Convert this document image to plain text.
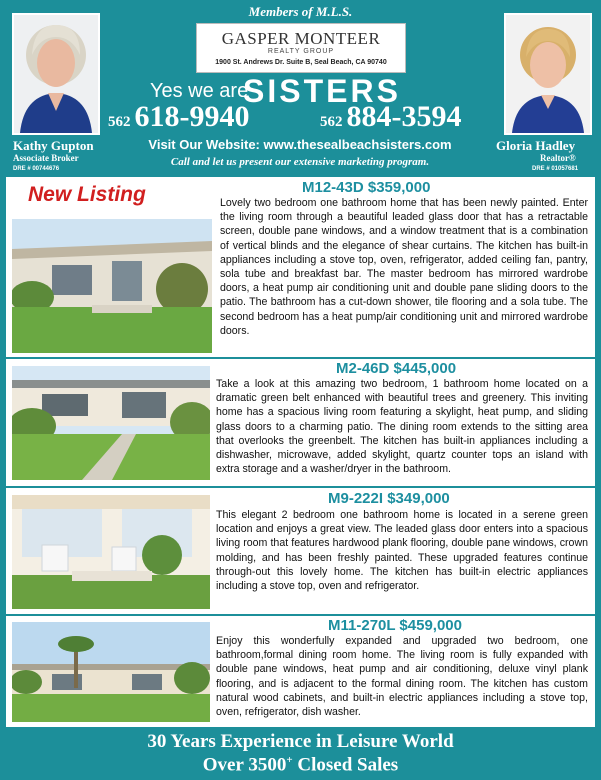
Members of M.L.S.
Kathy Gupton
Associate Broker
DRE # 00744676
Gloria Hadley
Realtor®
DRE # 01057681
GASPER MONTEER
REALTY GROUP
1900 St. Andrews Dr. Suite B, Seal Beach, CA 90740
Yes we are
SISTERS
562 618-9940	562 884-3594
Visit Our Website: www.thesealbeachsisters.com
Call and let us present our extensive marketing program.
New Listing	M12-43D $359,000
Lovely two bedroom one bathroom home that has been newly painted. Enter the living room through a beautiful leaded glass door that has a retractable screen, double pane windows, and a window treatment that is a combination of vertical blinds and the elegance of shear curtains. The kitchen has built-in appliances including a stove top, oven, refrigerator, added ceiling fan, pantry, sola tube and breakfast bar. The master bedroom has mirrored wardrobe doors, a heat pump air conditioning unit and double pane sliding doors to the patio. The bathroom has a cut-down shower, tile flooring and a sola tube. The second bedroom has a heat pump/air conditioning unit and mirrored wardrobe doors.
M2-46D $445,000
Take a look at this amazing two bedroom, 1 bathroom home located on a dramatic green belt enhanced with beautiful trees and greenery. This inviting home has a spacious living room featuring a skylight, heat pump, and sliding glass doors to a charming patio. The dining room extends to the sitting area that overlooks the greenbelt. The kitchen has built-in appliances including a dishwasher, microwave, added skylight, quartz counter tops an island with extra storage and a washer/dryer in the bathroom.
M9-222I $349,000
This elegant 2 bedroom one bathroom home is located in a serene green location and enjoys a great view. The leaded glass door enters into a spacious living room that features hardwood plank flooring, double pane windows, crown molding, and has been freshly painted. These upgraded features continue through-out this lovely home. The kitchen has built-in electric appliances including a stove top, oven and refrigerator.
M11-270L $459,000
Enjoy this wonderfully expanded and upgraded two bedroom, one bathroom,formal dining room home. The living room is fully expanded with double pane windows, heat pump and air conditioning, deluxe vinyl plank flooring, and is adjacent to the formal dining room. The kitchen has custom natural wood cabinets, and built-in electric appliances including a stove top, oven, refrigerator, dish washer.
30 Years Experience in Leisure World
Over 3500+ Closed Sales
